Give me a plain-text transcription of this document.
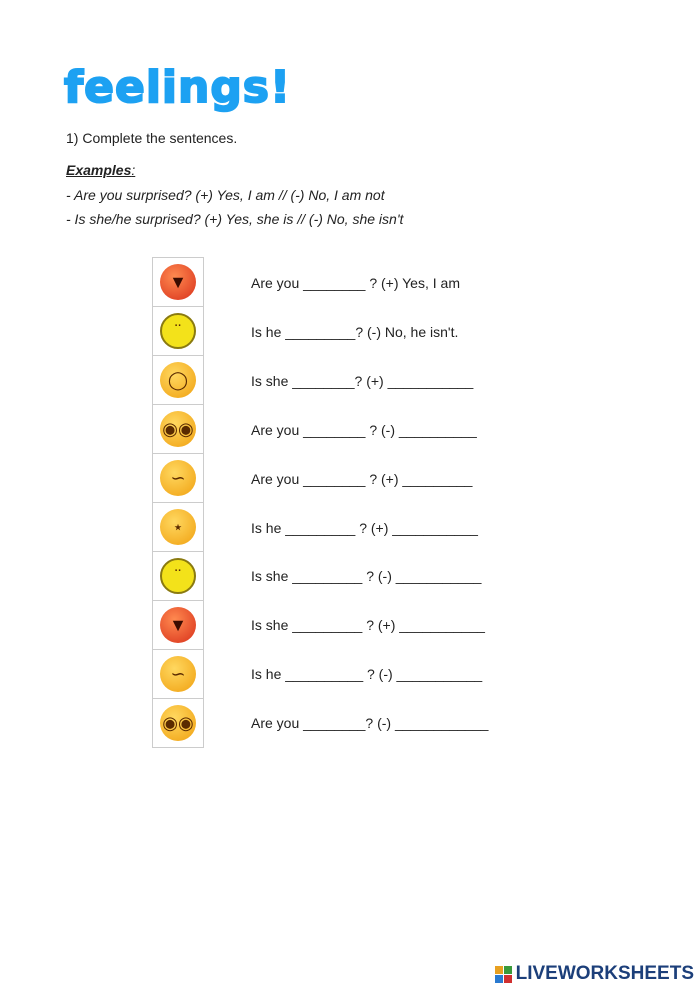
feelings!
1) Complete the sentences.
Examples:
- Are you surprised? (+) Yes, I am // (-) No, I am not
- Is she/he surprised? (+) Yes, she is // (-) No, she isn't
▼
¨
◯
◉◉
∽
⋆
¨
▼
∽
◉◉
Are you ________ ? (+) Yes, I am
Is he _________? (-) No, he isn't.
Is she ________? (+) ___________
Are you ________ ? (-) __________
Are you ________ ? (+) _________
Is he _________ ? (+) ___________
Is she _________ ? (-) ___________
Is she _________ ? (+) ___________
Is he __________ ? (-) ___________
Are you ________? (-) ____________
LIVEWORKSHEETS
